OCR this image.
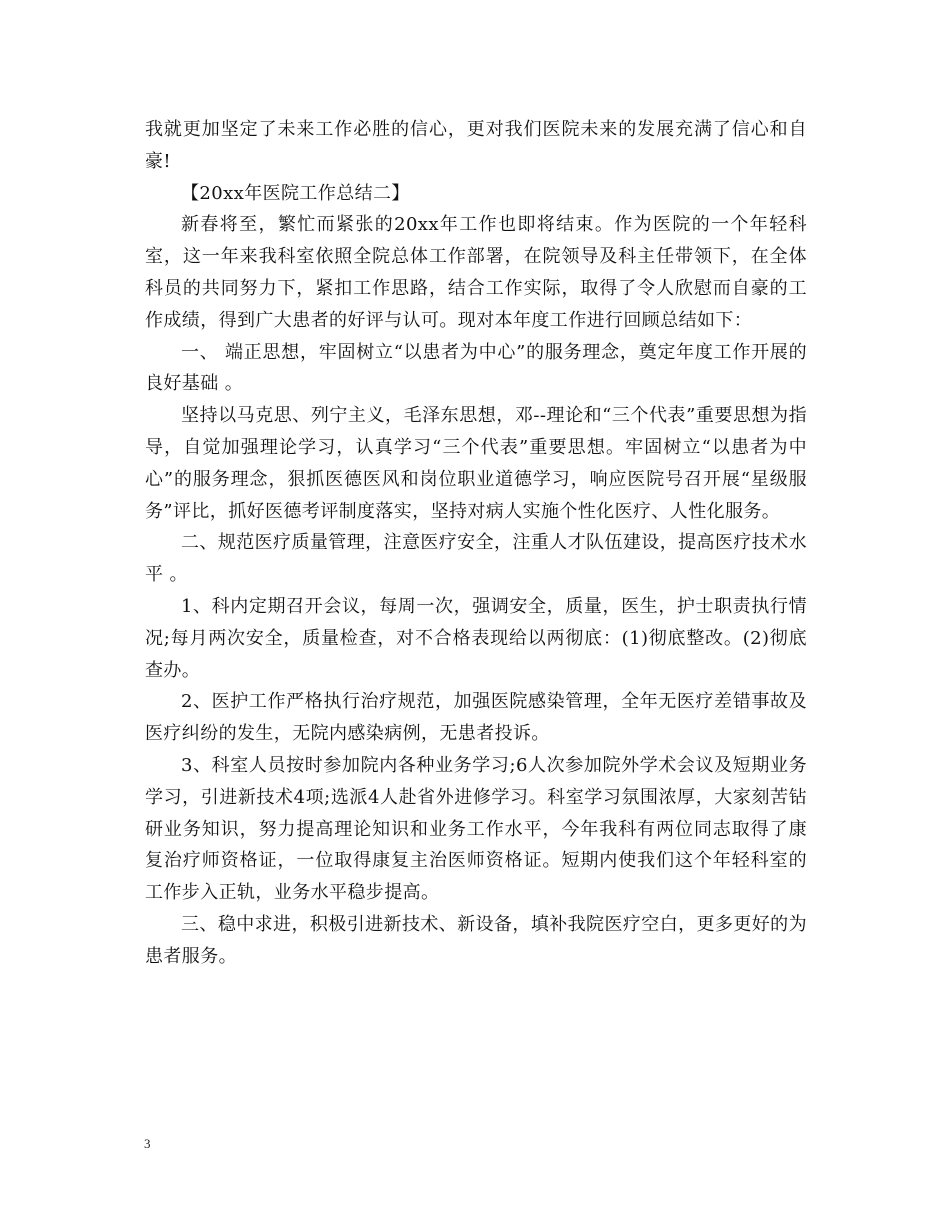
我就更加坚定了未来工作必胜的信心，更对我们医院未来的发展充满了信心和自豪!

【20xx年医院工作总结二】

新春将至，繁忙而紧张的20xx年工作也即将结束。作为医院的一个年轻科室，这一年来我科室依照全院总体工作部署，在院领导及科主任带领下，在全体科员的共同努力下，紧扣工作思路，结合工作实际，取得了令人欣慰而自豪的工作成绩，得到广大患者的好评与认可。现对本年度工作进行回顾总结如下：

一、 端正思想，牢固树立“以患者为中心”的服务理念，奠定年度工作开展的良好基础 。

坚持以马克思、列宁主义，毛泽东思想，邓--理论和“三个代表”重要思想为指导，自觉加强理论学习，认真学习“三个代表”重要思想。牢固树立“以患者为中心”的服务理念，狠抓医德医风和岗位职业道德学习，响应医院号召开展“星级服务”评比，抓好医德考评制度落实，坚持对病人实施个性化医疗、人性化服务。

二、规范医疗质量管理，注意医疗安全，注重人才队伍建设，提高医疗技术水平 。

1、科内定期召开会议，每周一次，强调安全，质量，医生，护士职责执行情况;每月两次安全，质量检查，对不合格表现给以两彻底：(1)彻底整改。(2)彻底查办。

2、医护工作严格执行治疗规范，加强医院感染管理，全年无医疗差错事故及医疗纠纷的发生，无院内感染病例，无患者投诉。

3、科室人员按时参加院内各种业务学习;6人次参加院外学术会议及短期业务学习，引进新技术4项;选派4人赴省外进修学习。科室学习氛围浓厚，大家刻苦钻研业务知识，努力提高理论知识和业务工作水平，今年我科有两位同志取得了康复治疗师资格证，一位取得康复主治医师资格证。短期内使我们这个年轻科室的工作步入正轨，业务水平稳步提高。

三、稳中求进，积极引进新技术、新设备，填补我院医疗空白，更多更好的为患者服务。

3
